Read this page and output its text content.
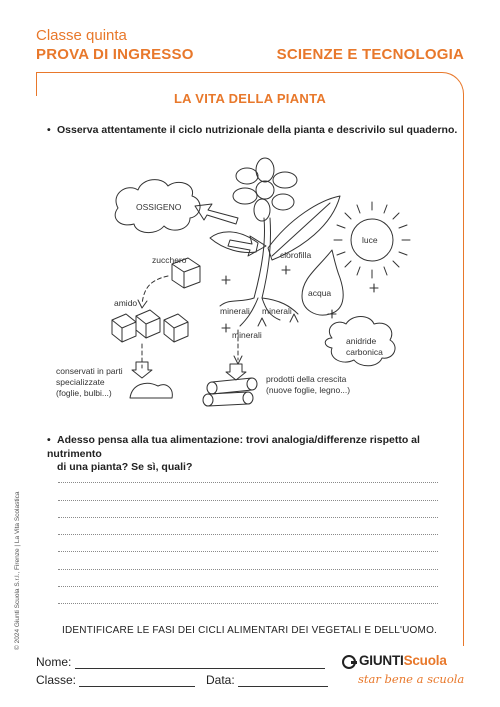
Classe quinta
PROVA DI INGRESSO	SCIENZE E TECNOLOGIA
LA VITA DELLA PIANTA
• Osserva attentamente il ciclo nutrizionale della pianta e descrivilo sul quaderno.
OSSIGENO
luce
zucchero	clorofilla
acqua
amido
minerali minerali
minerali
anidride
carbonica
conservati in parti
specializzate
(foglie, bulbi...)
prodotti della crescita
(nuove foglie, legno...)
• Adesso pensa alla tua alimentazione: trovi analogia/differenze rispetto al nutrimento
di una pianta? Se sì, quali?
IDENTIFICARE LE FASI DEI CICLI ALIMENTARI DEI VEGETALI E DELL'UOMO.
© 2024 Giunti Scuola S.r.l., Firenze | La Vita Scolastica
Nome:
Classe:	Data:
GIUNTIScuola
star bene a scuola
